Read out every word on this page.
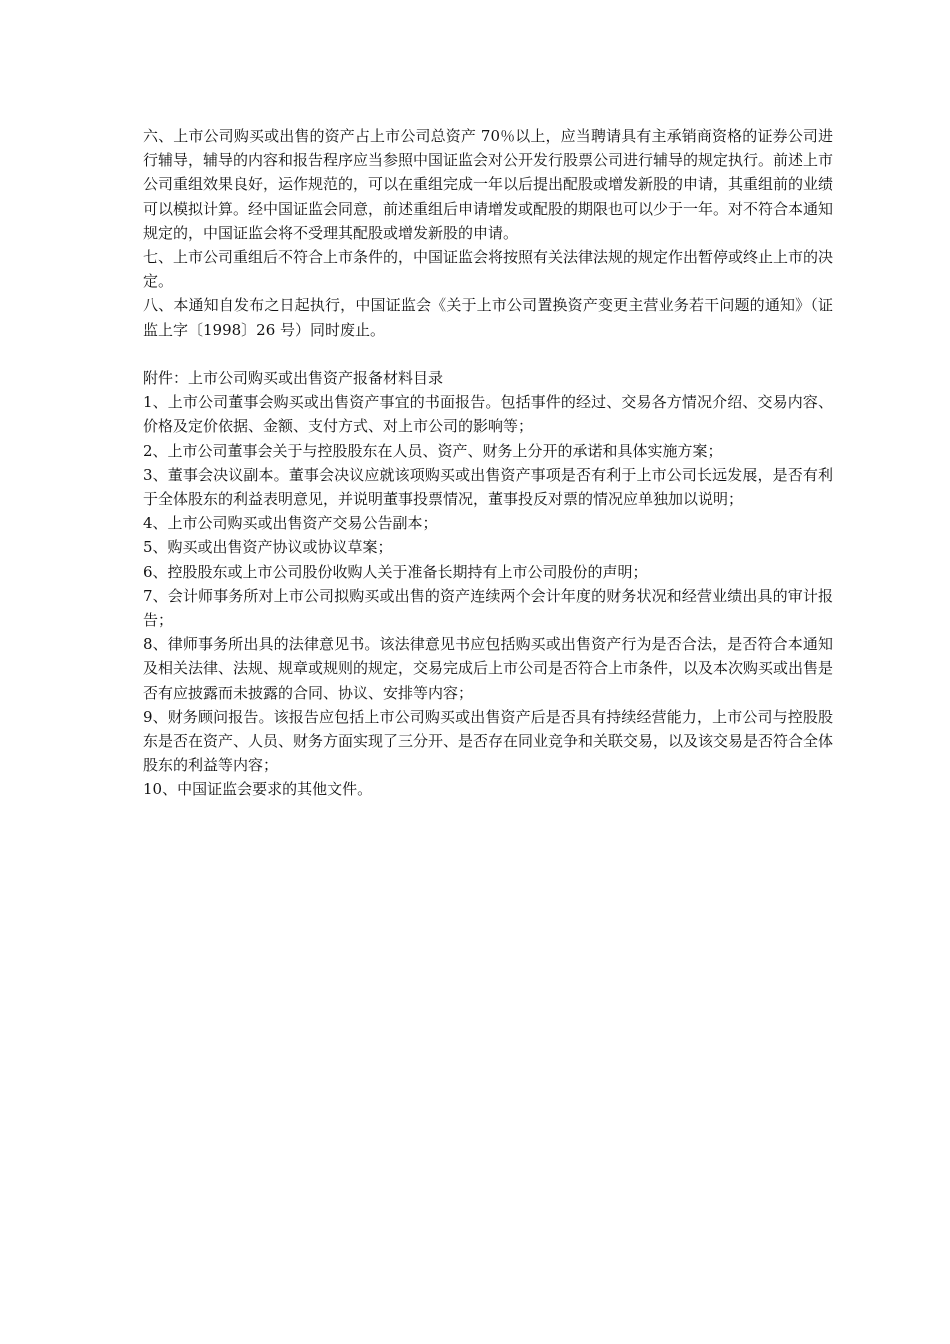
六、上市公司购买或出售的资产占上市公司总资产 70％以上，应当聘请具有主承销商资格的证券公司进行辅导，辅导的内容和报告程序应当参照中国证监会对公开发行股票公司进行辅导的规定执行。前述上市公司重组效果良好，运作规范的，可以在重组完成一年以后提出配股或增发新股的申请，其重组前的业绩可以模拟计算。经中国证监会同意，前述重组后申请增发或配股的期限也可以少于一年。对不符合本通知规定的，中国证监会将不受理其配股或增发新股的申请。

七、上市公司重组后不符合上市条件的，中国证监会将按照有关法律法规的规定作出暂停或终止上市的决定。

八、本通知自发布之日起执行，中国证监会《关于上市公司置换资产变更主营业务若干问题的通知》（证监上字〔1998〕26 号）同时废止。

附件：上市公司购买或出售资产报备材料目录

1、上市公司董事会购买或出售资产事宜的书面报告。包括事件的经过、交易各方情况介绍、交易内容、价格及定价依据、金额、支付方式、对上市公司的影响等；

2、上市公司董事会关于与控股股东在人员、资产、财务上分开的承诺和具体实施方案；

3、董事会决议副本。董事会决议应就该项购买或出售资产事项是否有利于上市公司长远发展，是否有利于全体股东的利益表明意见，并说明董事投票情况，董事投反对票的情况应单独加以说明；

4、上市公司购买或出售资产交易公告副本；

5、购买或出售资产协议或协议草案；

6、控股股东或上市公司股份收购人关于准备长期持有上市公司股份的声明；

7、会计师事务所对上市公司拟购买或出售的资产连续两个会计年度的财务状况和经营业绩出具的审计报告；

8、律师事务所出具的法律意见书。该法律意见书应包括购买或出售资产行为是否合法，是否符合本通知及相关法律、法规、规章或规则的规定，交易完成后上市公司是否符合上市条件，以及本次购买或出售是否有应披露而未披露的合同、协议、安排等内容；

9、财务顾问报告。该报告应包括上市公司购买或出售资产后是否具有持续经营能力，上市公司与控股股东是否在资产、人员、财务方面实现了三分开、是否存在同业竞争和关联交易，以及该交易是否符合全体股东的利益等内容；

10、中国证监会要求的其他文件。
